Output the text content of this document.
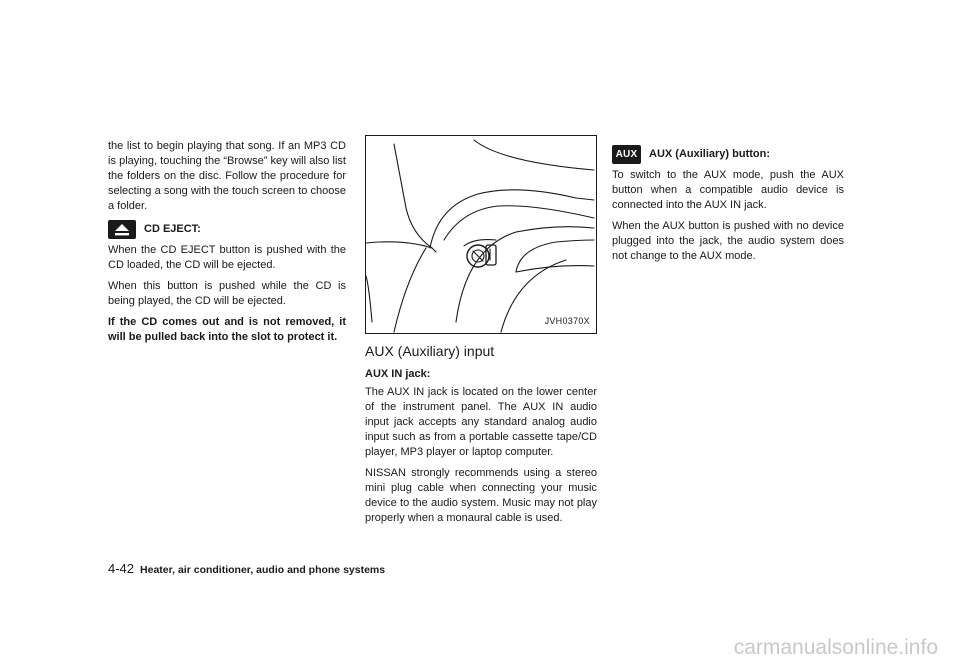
the list to begin playing that song. If an MP3 CD is playing, touching the “Browse” key will also list the folders on the disc. Follow the procedure for selecting a song with the touch screen to choose a folder.

CD EJECT:

When the CD EJECT button is pushed with the CD loaded, the CD will be ejected.

When this button is pushed while the CD is being played, the CD will be ejected.

If the CD comes out and is not removed, it will be pulled back into the slot to protect it.

JVH0370X
AUX (Auxiliary) input

AUX IN jack:

The AUX IN jack is located on the lower center of the instrument panel. The AUX IN audio input jack accepts any standard analog audio input such as from a portable cassette tape/CD player, MP3 player or laptop computer.

NISSAN strongly recommends using a stereo mini plug cable when connecting your music device to the audio system. Music may not play properly when a monaural cable is used.

AUX	AUX (Auxiliary) button:

To switch to the AUX mode, push the AUX button when a compatible audio device is connected into the AUX IN jack.

When the AUX button is pushed with no device plugged into the jack, the audio system does not change to the AUX mode.

4-42 Heater, air conditioner, audio and phone systems
carmanualsonline.info
